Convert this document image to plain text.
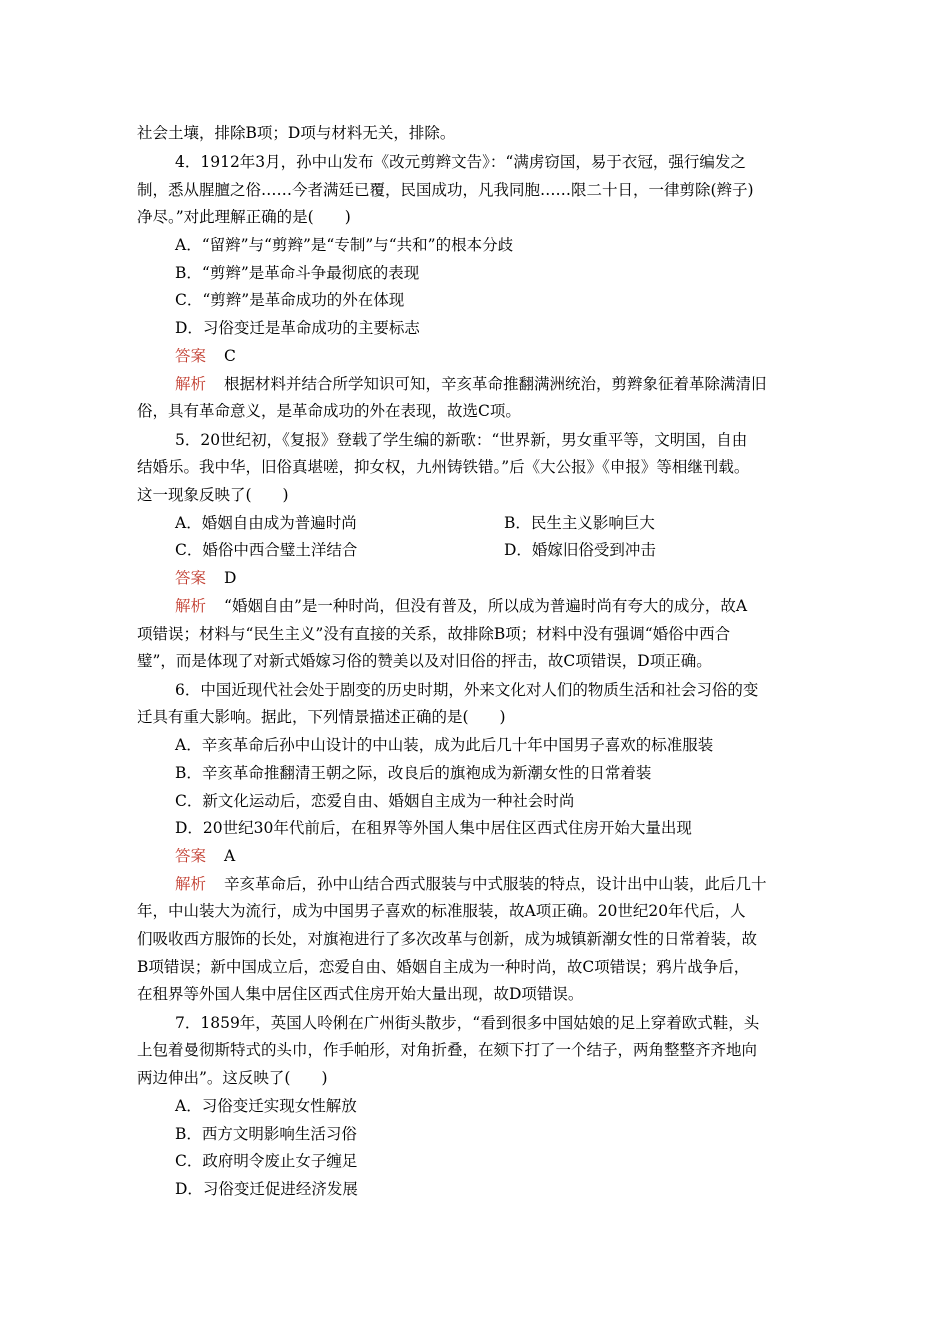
社会土壤，排除B项；D项与材料无关，排除。
4．1912年3月，孙中山发布《改元剪辫文告》：“满虏窃国，易于衣冠，强行编发之
制，悉从腥膻之俗……今者满廷已覆，民国成功，凡我同胞……限二十日，一律剪除(辫子)
净尽。”对此理解正确的是(　　)
A．“留辫”与“剪辫”是“专制”与“共和”的根本分歧
B．“剪辫”是革命斗争最彻底的表现
C．“剪辫”是革命成功的外在体现
D．习俗变迁是革命成功的主要标志
答案 C
解析 根据材料并结合所学知识可知，辛亥革命推翻满洲统治，剪辫象征着革除满清旧
俗，具有革命意义，是革命成功的外在表现，故选C项。
5．20世纪初，《复报》登载了学生编的新歌：“世界新，男女重平等，文明国，自由
结婚乐。我中华，旧俗真堪嗟，抑女权，九州铸铁错。”后《大公报》《申报》等相继刊载。
这一现象反映了(　　)
A．婚姻自由成为普遍时尚	B．民生主义影响巨大
C．婚俗中西合璧土洋结合	D．婚嫁旧俗受到冲击
答案 D
解析 “婚姻自由”是一种时尚，但没有普及，所以成为普遍时尚有夸大的成分，故A
项错误；材料与“民生主义”没有直接的关系，故排除B项；材料中没有强调“婚俗中西合
璧”，而是体现了对新式婚嫁习俗的赞美以及对旧俗的抨击，故C项错误，D项正确。
6．中国近现代社会处于剧变的历史时期，外来文化对人们的物质生活和社会习俗的变
迁具有重大影响。据此，下列情景描述正确的是(　　)
A．辛亥革命后孙中山设计的中山装，成为此后几十年中国男子喜欢的标准服装
B．辛亥革命推翻清王朝之际，改良后的旗袍成为新潮女性的日常着装
C．新文化运动后，恋爱自由、婚姻自主成为一种社会时尚
D．20世纪30年代前后，在租界等外国人集中居住区西式住房开始大量出现
答案 A
解析 辛亥革命后，孙中山结合西式服装与中式服装的特点，设计出中山装，此后几十
年，中山装大为流行，成为中国男子喜欢的标准服装，故A项正确。20世纪20年代后，人
们吸收西方服饰的长处，对旗袍进行了多次改革与创新，成为城镇新潮女性的日常着装，故
B项错误；新中国成立后，恋爱自由、婚姻自主成为一种时尚，故C项错误；鸦片战争后，
在租界等外国人集中居住区西式住房开始大量出现，故D项错误。
7．1859年，英国人呤俐在广州街头散步，“看到很多中国姑娘的足上穿着欧式鞋，头
上包着曼彻斯特式的头巾，作手帕形，对角折叠，在颏下打了一个结子，两角整整齐齐地向
两边伸出”。这反映了(　　)
A．习俗变迁实现女性解放
B．西方文明影响生活习俗
C．政府明令废止女子缠足
D．习俗变迁促进经济发展
